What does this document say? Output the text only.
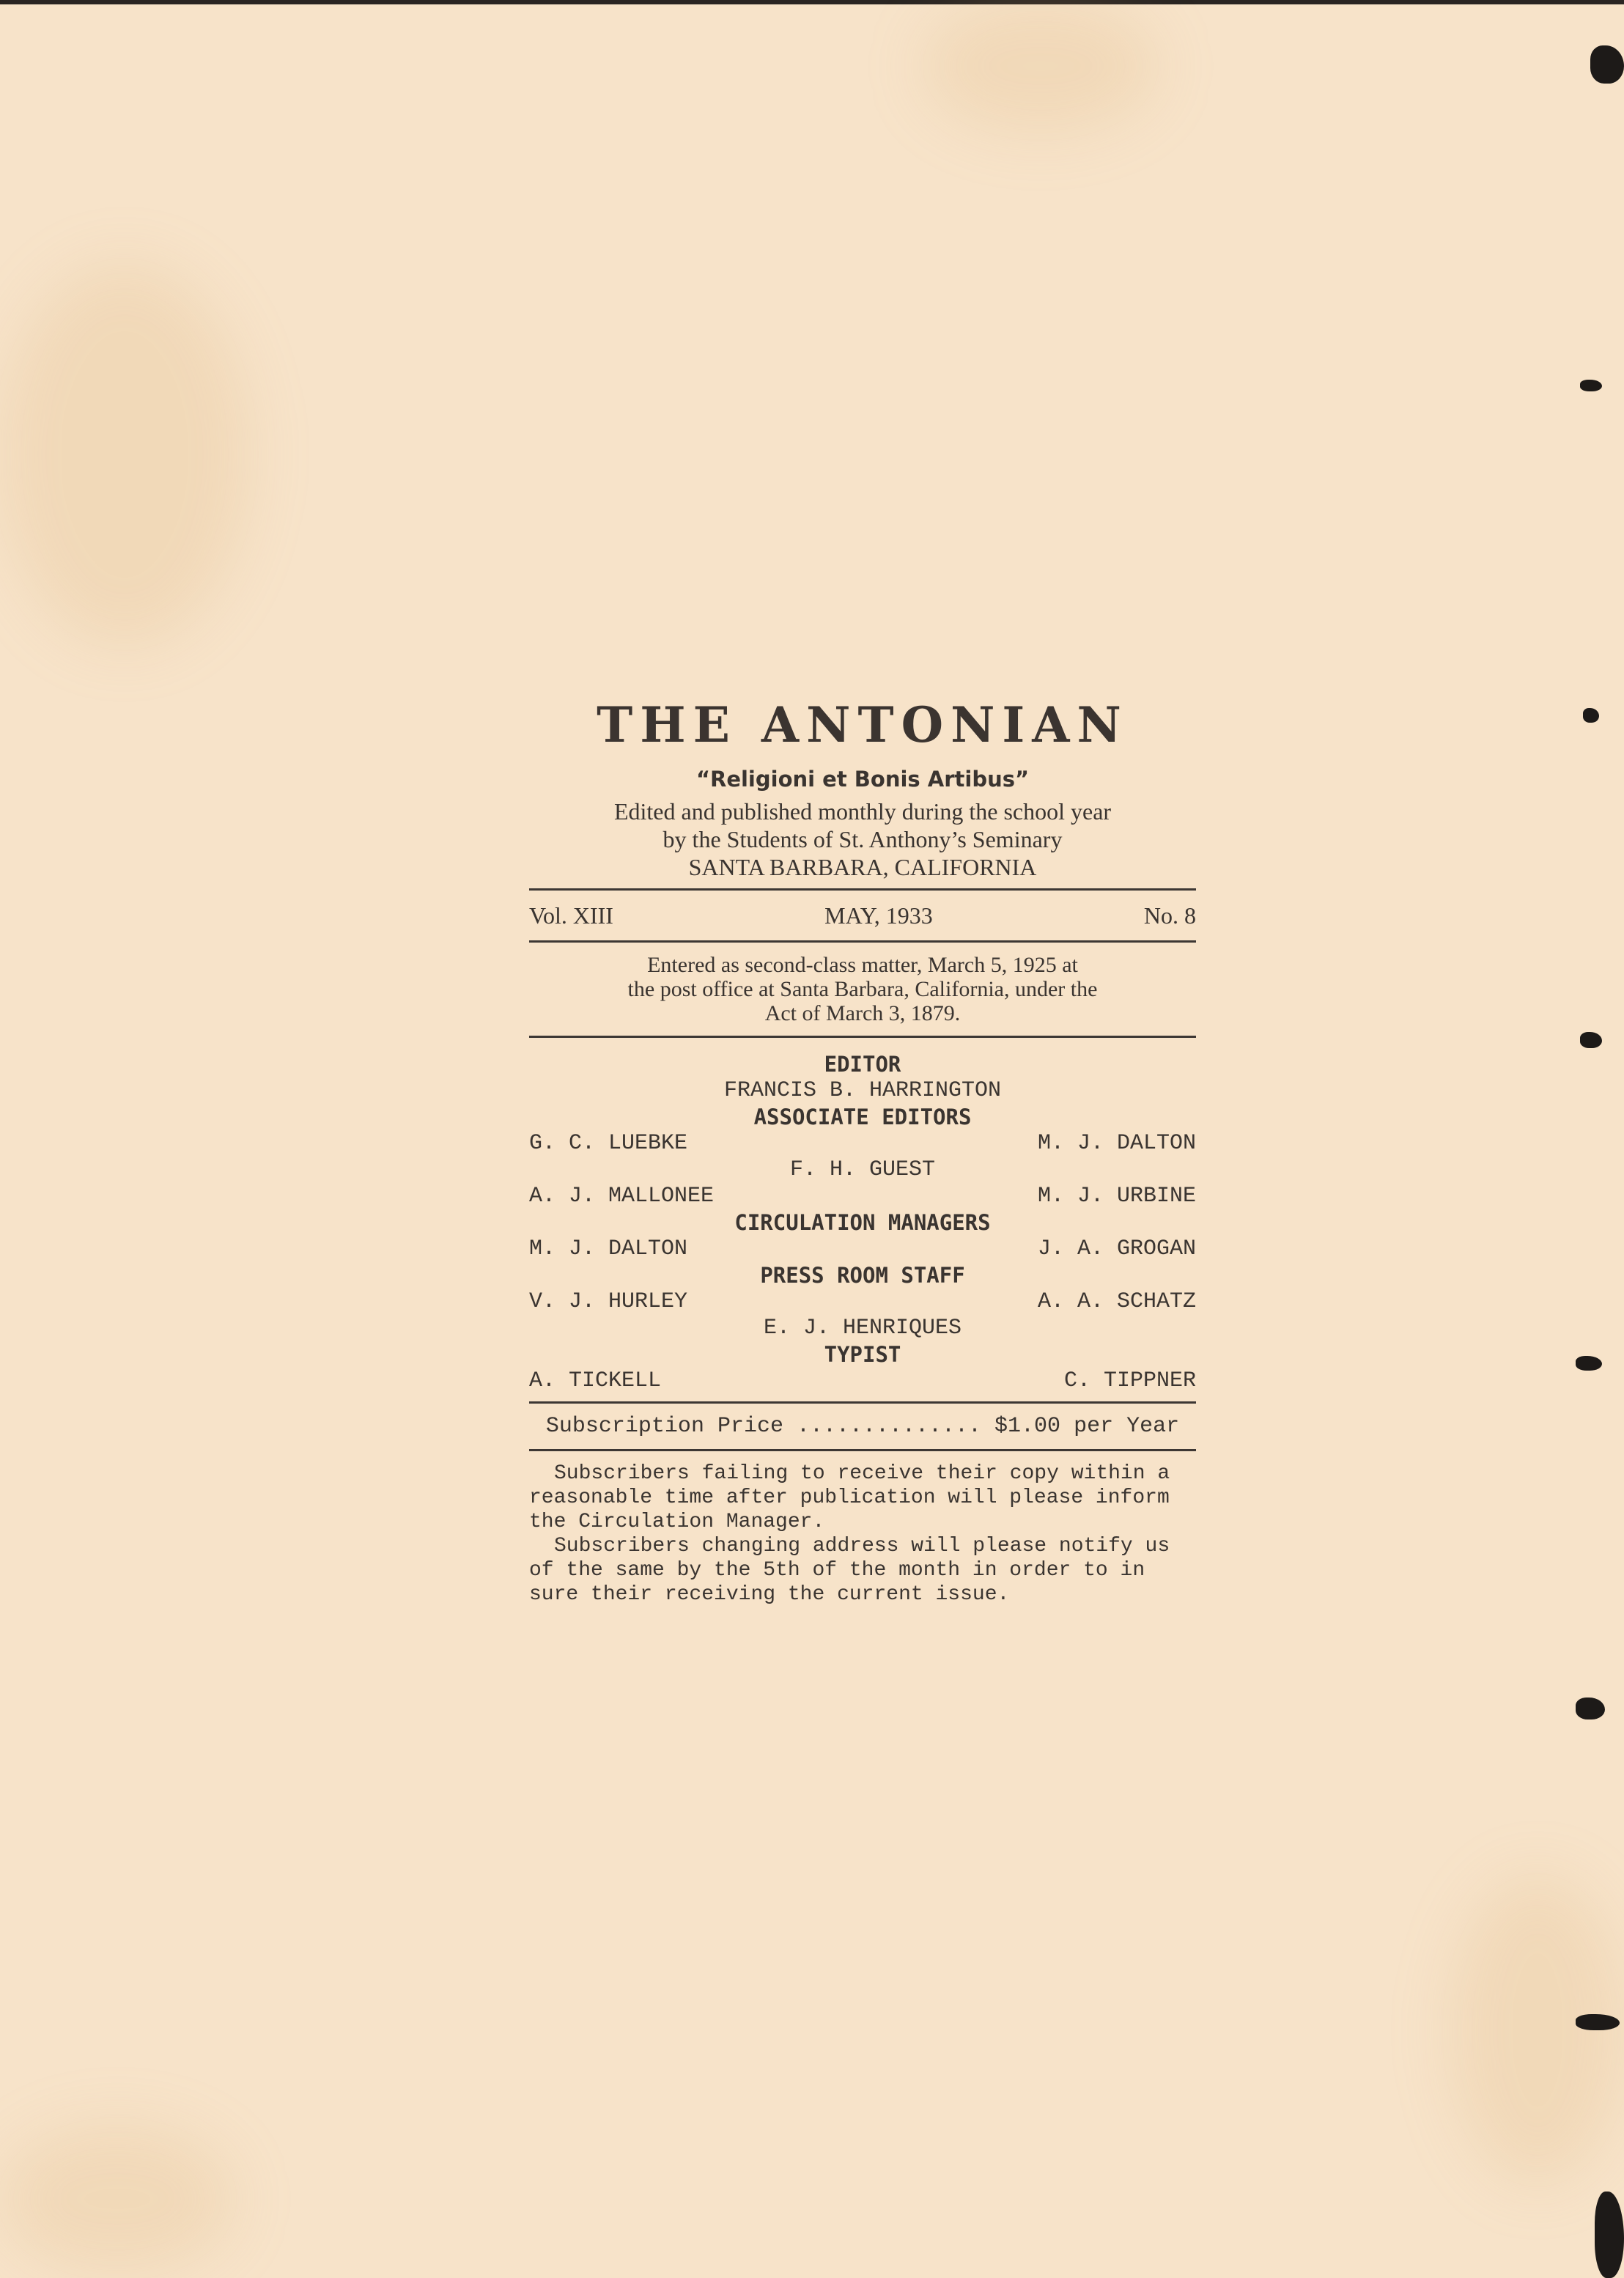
THE ANTONIAN
“Religioni et Bonis Artibus”
Edited and published monthly during the school year
by the Students of St. Anthony’s Seminary
SANTA BARBARA, CALIFORNIA
Vol. XIII	MAY, 1933	No. 8
Entered as second-class matter, March 5, 1925 at
the post office at Santa Barbara, California, under the
Act of March 3, 1879.
EDITOR
FRANCIS B. HARRINGTON
ASSOCIATE EDITORS
G. C. LUEBKE	M. J. DALTON
F. H. GUEST
A. J. MALLONEE	M. J. URBINE
CIRCULATION MANAGERS
M. J. DALTON	J. A. GROGAN
PRESS ROOM STAFF
V. J. HURLEY	A. A. SCHATZ
E. J. HENRIQUES
TYPIST
A. TICKELL	C. TIPPNER
Subscription Price .............. $1.00 per Year

Subscribers failing to receive their copy within a
reasonable time after publication will please inform
the Circulation Manager.

Subscribers changing address will please notify us
of the same by the 5th of the month in order to in
sure their receiving the current issue.
